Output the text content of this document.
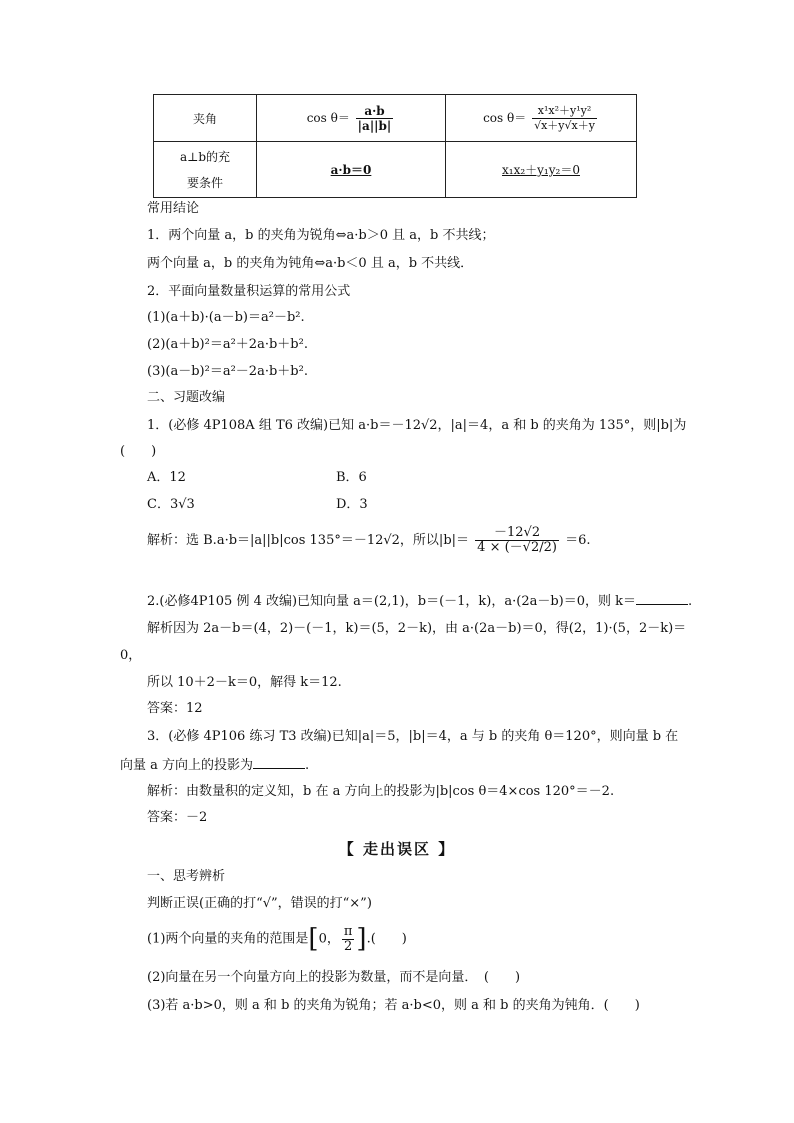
夹角	$\cos \theta= \frac{a\cdot b}{|a||b|}$	$\cos \theta= \frac{\text{x¹x²＋y¹y²}}{√x+y√x+y}$

a⊥b的充
要条件	a·b＝0	x₁x₂＋y₁y₂＝0
常用结论
1．两个向量 a，b 的夹角为锐角⇔a·b＞0 且 a，b 不共线；
两个向量 a，b 的夹角为钝角⇔a·b＜0 且 a，b 不共线．
2．平面向量数量积运算的常用公式
(1)(a＋b)·(a－b)＝a²－b².
(2)(a＋b)²＝a²＋2a·b＋b².
(3)(a－b)²＝a²－2a·b＋b².
二、习题改编
1．(必修 4P108A 组 T6 改编)已知 a·b＝－12√2，|a|＝4，a 和 b 的夹角为 135°，则|b|为
(　　)
A．12	B．6
C．3√3	D．3
解析：选 B.a·b＝|a||b|cos 135°＝－12√2，所以$|b|= \frac{-12√2}{4 \times (-√2/2)} =6$.
2.(必修4P105 例 4 改编)已知向量 a＝(2,1)，b＝(－1，k)，a·(2a－b)＝0，则 k＝	.
解析因为 2a－b＝(4，2)－(－1，k)＝(5，2－k)，由 a·(2a－b)＝0，得(2，1)·(5，2－k)＝
0，
所以 10＋2－k＝0，解得 k＝12.
答案：12
3．(必修 4P106 练习 T3 改编)已知|a|＝5，|b|＝4，a 与 b 的夹角 θ＝120°，则向量 b 在
向量 a 方向上的投影为	.
解析：由数量积的定义知，b 在 a 方向上的投影为|b|cos θ＝4×cos 120°＝－2.
答案：－2
【 走出误区 】
一、思考辨析
判断正误(正确的打“√”，错误的打“×”)
(1)两个向量的夹角的范围是[0， $\frac{\pi}{2}$ ].(　　)
(2)向量在另一个向量方向上的投影为数量，而不是向量．　(　　)
(3)若 a·b>0，则 a 和 b 的夹角为锐角；若 a·b<0，则 a 和 b 的夹角为钝角．(　　)
